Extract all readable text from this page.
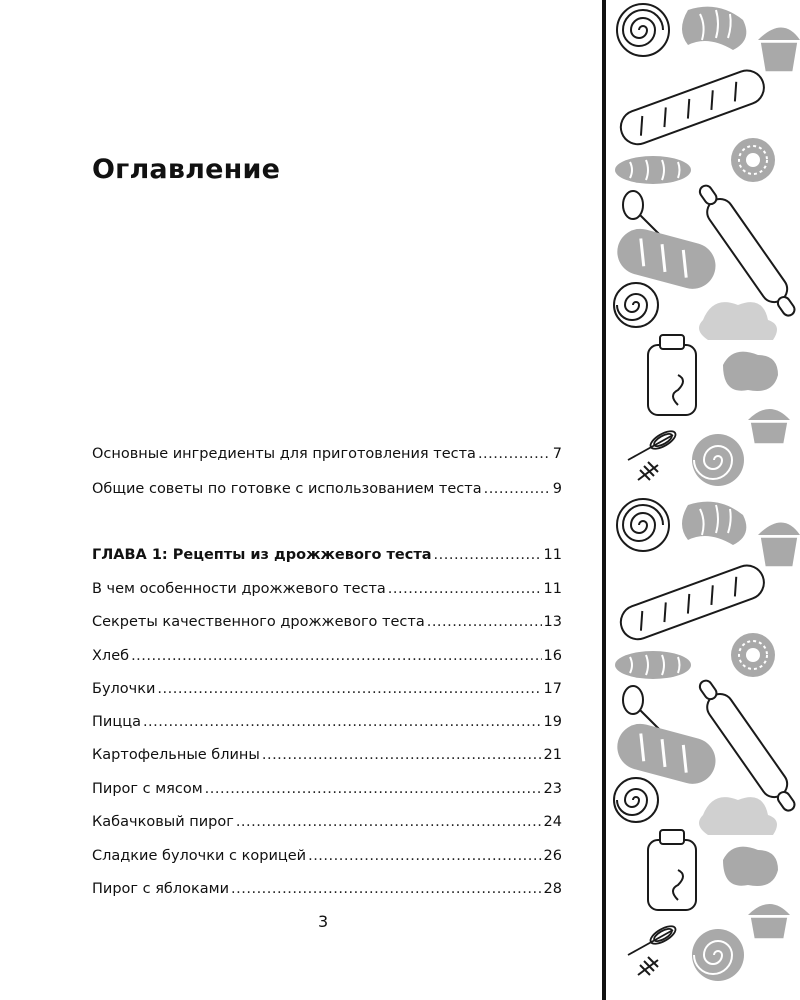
Оглавление
Основные ингредиенты для приготовления теста .....	7
Общие советы по готовке с использованием теста .....	9
ГЛАВА 1: Рецепты из дрожжевого теста .....	11
В чем особенности дрожжевого теста .....	11
Секреты качественного дрожжевого теста .....	13
Хлеб .....	16
Булочки .....	17
Пицца .....	19
Картофельные блины .....	21
Пирог с мясом .....	23
Кабачковый пирог .....	24
Сладкие булочки с корицей .....	26
Пирог с яблоками .....	28
3
